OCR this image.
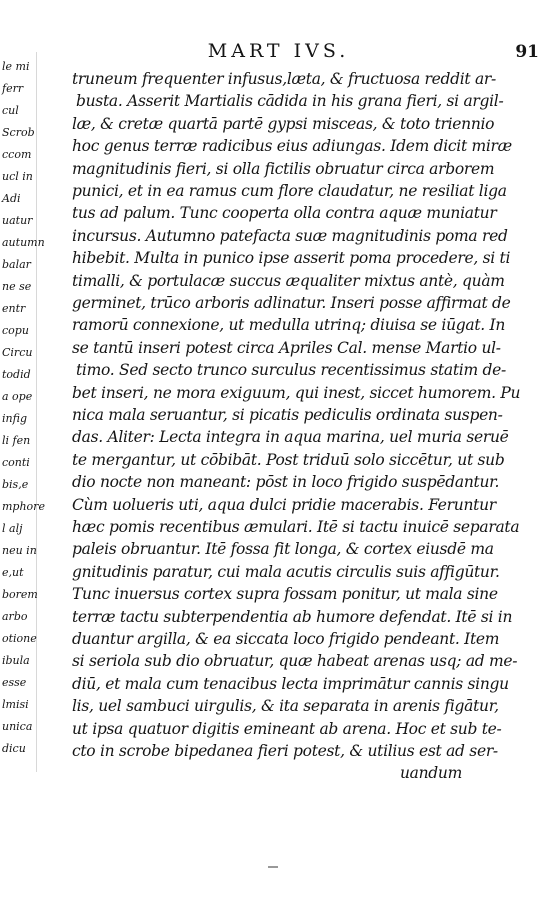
le mi
ferr
cul
Scrob
ccom
ucl in
Adi
uatur
autumn
balar
ne se
entr
copu
Circu
todid
a ope
infig
li fen
conti
bis,e
mphore
l alj
neu in
e,ut
borem
arbo
otione
ibula
esse
lmisi
unica
dicu
MART IVS.	91
truneum frequenter infusus,læta, & fructuosa reddit ar-
busta. Asserit Martialis cādida in his grana fieri, si argil-
læ, & cretæ quartā partē gypsi misceas, & toto triennio
hoc genus terræ radicibus eius adiungas. Idem dicit miræ
magnitudinis fieri, si olla fictilis obruatur circa arborem
punici, et in ea ramus cum flore claudatur, ne resiliat liga
tus ad palum. Tunc cooperta olla contra aquæ muniatur
incursus. Autumno patefacta suæ magnitudinis poma red
hibebit. Multa in punico ipse asserit poma procedere, si ti
timalli, & portulacæ succus æqualiter mixtus antè, quàm
germinet, trūco arboris adlinatur. Inseri posse affirmat de
ramorū connexione, ut medulla utrinq; diuisa se iūgat. In
se tantū inseri potest circa Apriles Cal. mense Martio ul-
timo. Sed secto trunco surculus recentissimus statim de-
bet inseri, ne mora exiguum, qui inest, siccet humorem. Pu
nica mala seruantur, si picatis pediculis ordinata suspen-
das. Aliter: Lecta integra in aqua marina, uel muria seruē
te mergantur, ut cōbibāt. Post triduū solo siccētur, ut sub
dio nocte non maneant: pōst in loco frigido suspēdantur.
Cùm uolueris uti, aqua dulci pridie macerabis. Feruntur
hæc pomis recentibus æmulari. Itē si tactu inuicē separata
paleis obruantur. Itē fossa fit longa, & cortex eiusdē ma
gnitudinis paratur, cui mala acutis circulis suis affigūtur.
Tunc inuersus cortex supra fossam ponitur, ut mala sine
terræ tactu subterpendentia ab humore defendat. Itē si in
duantur argilla, & ea siccata loco frigido pendeant. Item
si seriola sub dio obruatur, quæ habeat arenas usq; ad me-
diū, et mala cum tenacibus lecta imprimātur cannis singu
lis, uel sambuci uirgulis, & ita separata in arenis figātur,
ut ipsa quatuor digitis emineant ab arena. Hoc et sub te-
cto in scrobe bipedanea fieri potest, & utilius est ad ser-
uandum
